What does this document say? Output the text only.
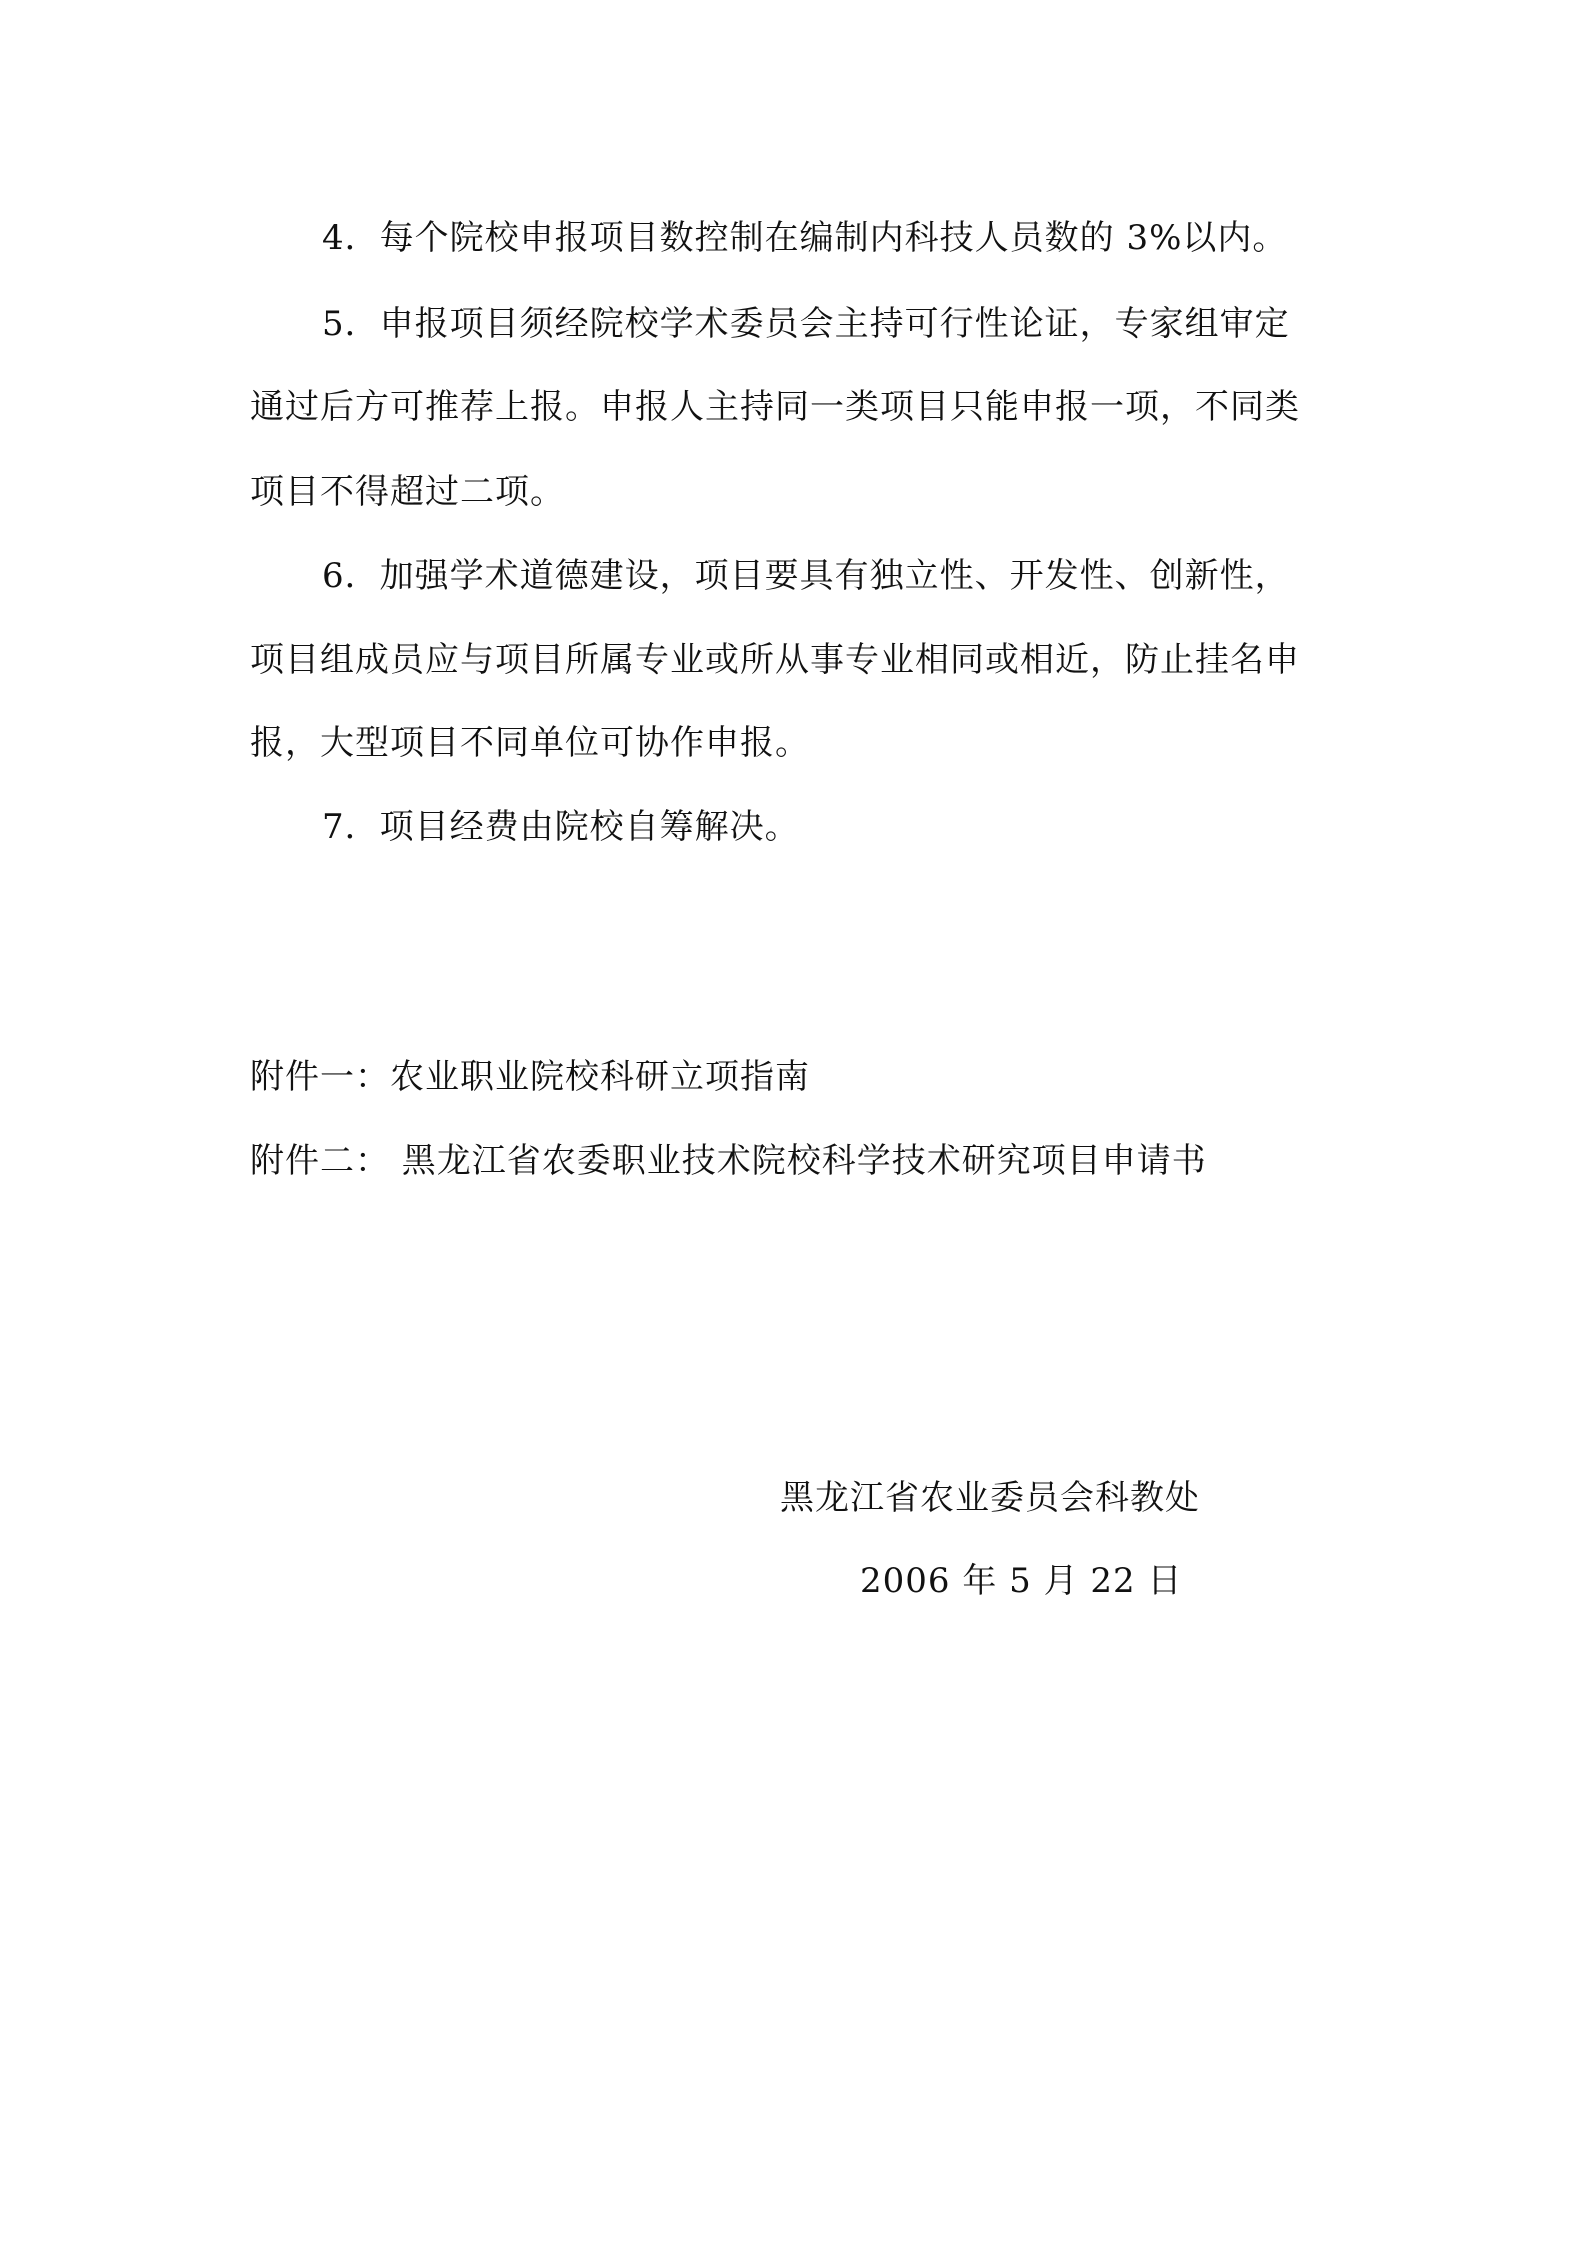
4．每个院校申报项目数控制在编制内科技人员数的 3%以内。
5．申报项目须经院校学术委员会主持可行性论证，专家组审定
通过后方可推荐上报。申报人主持同一类项目只能申报一项，不同类
项目不得超过二项。
6．加强学术道德建设，项目要具有独立性、开发性、创新性，
项目组成员应与项目所属专业或所从事专业相同或相近，防止挂名申
报，大型项目不同单位可协作申报。
7．项目经费由院校自筹解决。
附件一：农业职业院校科研立项指南
附件二： 黑龙江省农委职业技术院校科学技术研究项目申请书
黑龙江省农业委员会科教处
2006 年 5 月 22 日
